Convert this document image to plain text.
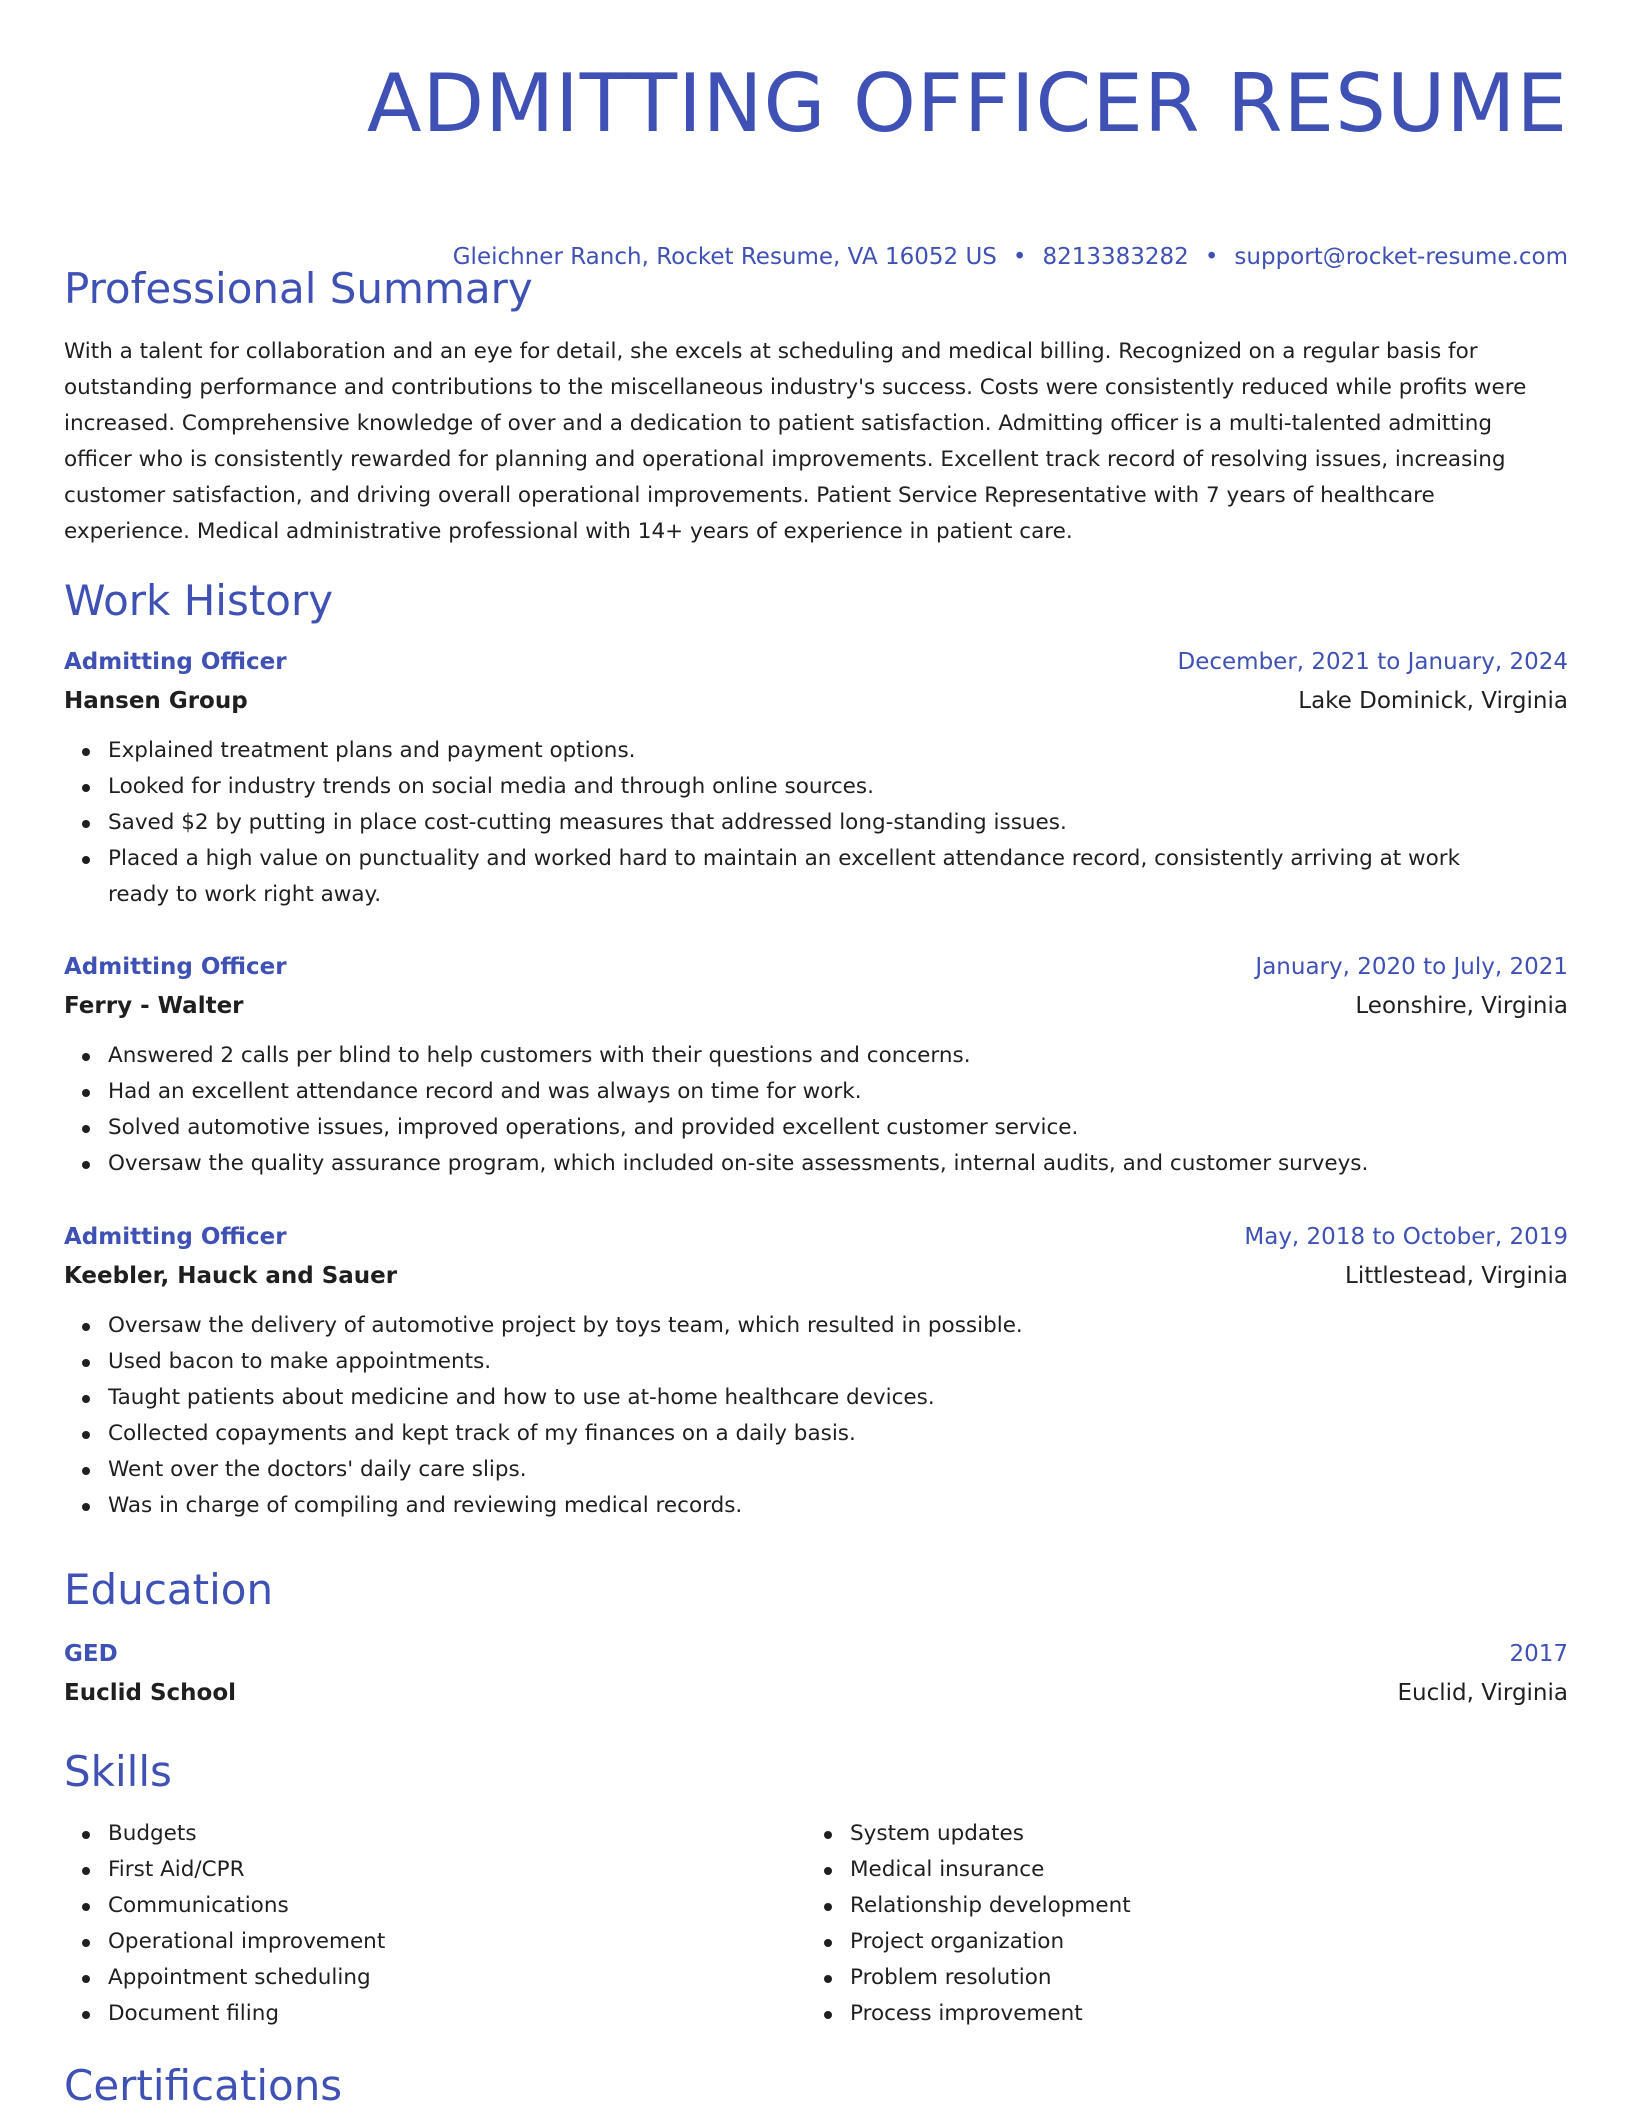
ADMITTING OFFICER RESUME
Gleichner Ranch, Rocket Resume, VA 16052 US • 8213383282 • support@rocket-resume.com
Professional Summary

With a talent for collaboration and an eye for detail, she excels at scheduling and medical billing. Recognized on a regular basis for outstanding performance and contributions to the miscellaneous industry's success. Costs were consistently reduced while profits were increased. Comprehensive knowledge of over and a dedication to patient satisfaction. Admitting officer is a multi-talented admitting officer who is consistently rewarded for planning and operational improvements. Excellent track record of resolving issues, increasing customer satisfaction, and driving overall operational improvements. Patient Service Representative with 7 years of healthcare experience. Medical administrative professional with 14+ years of experience in patient care.

Work History
Admitting Officer	December, 2021 to January, 2024
Hansen Group	Lake Dominick, Virginia
Explained treatment plans and payment options.
Looked for industry trends on social media and through online sources.
Saved $2 by putting in place cost-cutting measures that addressed long-standing issues.
Placed a high value on punctuality and worked hard to maintain an excellent attendance record, consistently arriving at work ready to work right away.
Admitting Officer	January, 2020 to July, 2021
Ferry - Walter	Leonshire, Virginia
Answered 2 calls per blind to help customers with their questions and concerns.
Had an excellent attendance record and was always on time for work.
Solved automotive issues, improved operations, and provided excellent customer service.
Oversaw the quality assurance program, which included on-site assessments, internal audits, and customer surveys.
Admitting Officer	May, 2018 to October, 2019
Keebler, Hauck and Sauer	Littlestead, Virginia
Oversaw the delivery of automotive project by toys team, which resulted in possible.
Used bacon to make appointments.
Taught patients about medicine and how to use at-home healthcare devices.
Collected copayments and kept track of my finances on a daily basis.
Went over the doctors' daily care slips.
Was in charge of compiling and reviewing medical records.
Education
GED	2017
Euclid School	Euclid, Virginia
Skills
Budgets
First Aid/CPR
Communications
Operational improvement
Appointment scheduling
Document filing
System updates
Medical insurance
Relationship development
Project organization
Problem resolution
Process improvement
Certifications
